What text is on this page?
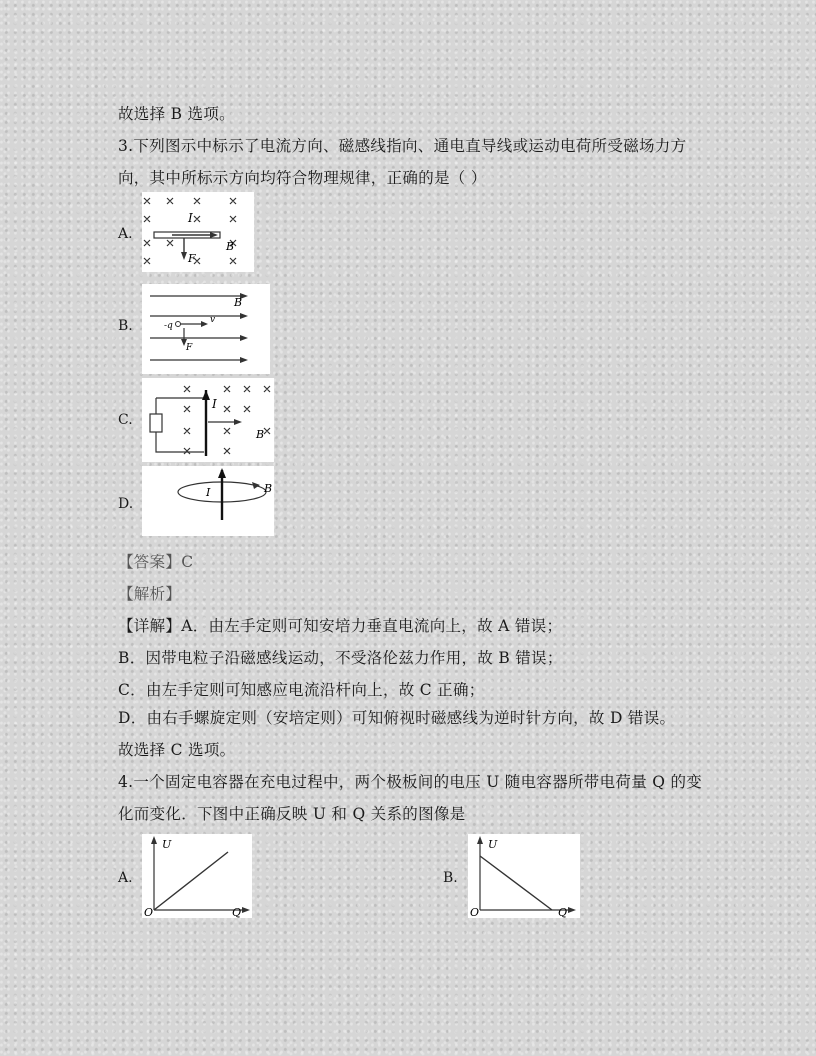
故选择 B 选项。
3.下列图示中标示了电流方向、磁感线指向、通电直导线或运动电荷所受磁场力方
向，其中所标示方向均符合物理规律，正确的是（ ）
A.
I
F
B
B.
B
-q
v
F
C.
I
B
D.
I	B
【答案】C
【解析】
【详解】A．由左手定则可知安培力垂直电流向上，故 A 错误；
B．因带电粒子沿磁感线运动，不受洛伦兹力作用，故 B 错误；
C．由左手定则可知感应电流沿杆向上，故 C 正确；
D．由右手螺旋定则（安培定则）可知俯视时磁感线为逆时针方向，故 D 错误。
故选择 C 选项。
4.一个固定电容器在充电过程中，两个极板间的电压 U 随电容器所带电荷量 Q 的变
化而变化．下图中正确反映 U 和 Q 关系的图像是
A.
U
Q
O
B.
U
Q
O
